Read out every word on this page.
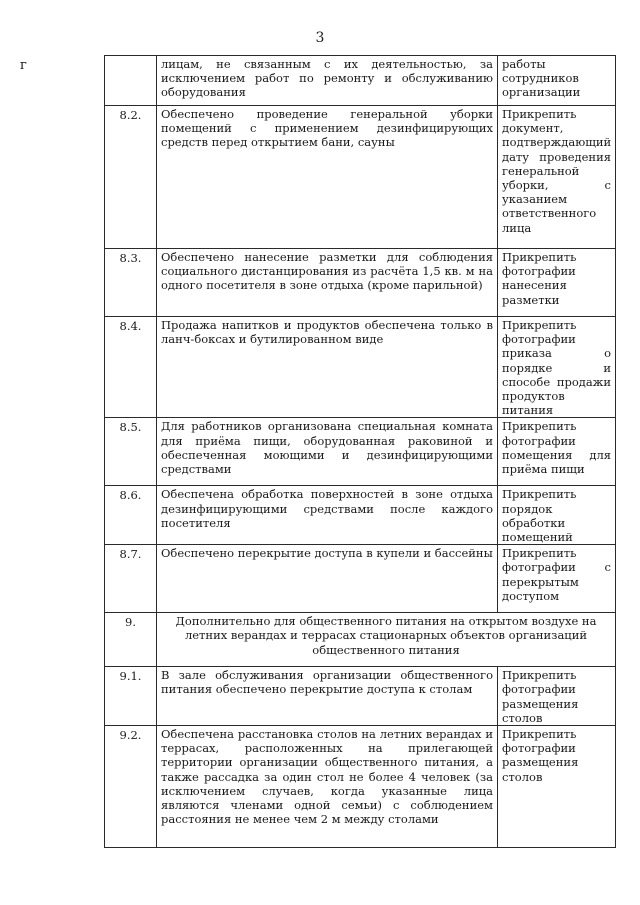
3
г
		лицам, не связанным с их деятельностью, за исключением работ по ремонту и обслуживанию оборудования	работы сотрудников организации
8.2.	Обеспечено проведение генеральной уборки помещений с применением дезинфицирующих средств перед открытием бани, сауны	Прикрепить документ, подтверждающий дату проведения генеральной уборки, с указанием ответственного лица
8.3.	Обеспечено нанесение разметки для соблюдения социального дистанцирования из расчёта 1,5 кв. м на одного посетителя в зоне отдыха (кроме парильной)	Прикрепить фотографии нанесения разметки
8.4.	Продажа напитков и продуктов обеспечена только в ланч-боксах и бутилированном виде	Прикрепить фотографии приказа о порядке и способе продажи продуктов питания
8.5.	Для работников организована специальная комната для приёма пищи, оборудованная раковиной и обеспеченная моющими и дезинфицирующими средствами	Прикрепить фотографии помещения для приёма пищи
8.6.	Обеспечена обработка поверхностей в зоне отдыха дезинфицирующими средствами после каждого посетителя	Прикрепить порядок обработки помещений
8.7.	Обеспечено перекрытие доступа в купели и бассейны	Прикрепить фотографии с перекрытым доступом
9.	Дополнительно для общественного питания на открытом воздухе на летних верандах и террасах стационарных объектов организаций общественного питания	
9.1.	В зале обслуживания организации общественного питания обеспечено перекрытие доступа к столам	Прикрепить фотографии размещения столов
9.2.	Обеспечена расстановка столов на летних верандах и террасах, расположенных на прилегающей территории организации общественного питания, а также рассадка за один стол не более 4 человек (за исключением случаев, когда указанные лица являются членами одной семьи) с соблюдением расстояния не менее чем 2 м между столами	Прикрепить фотографии размещения столов
